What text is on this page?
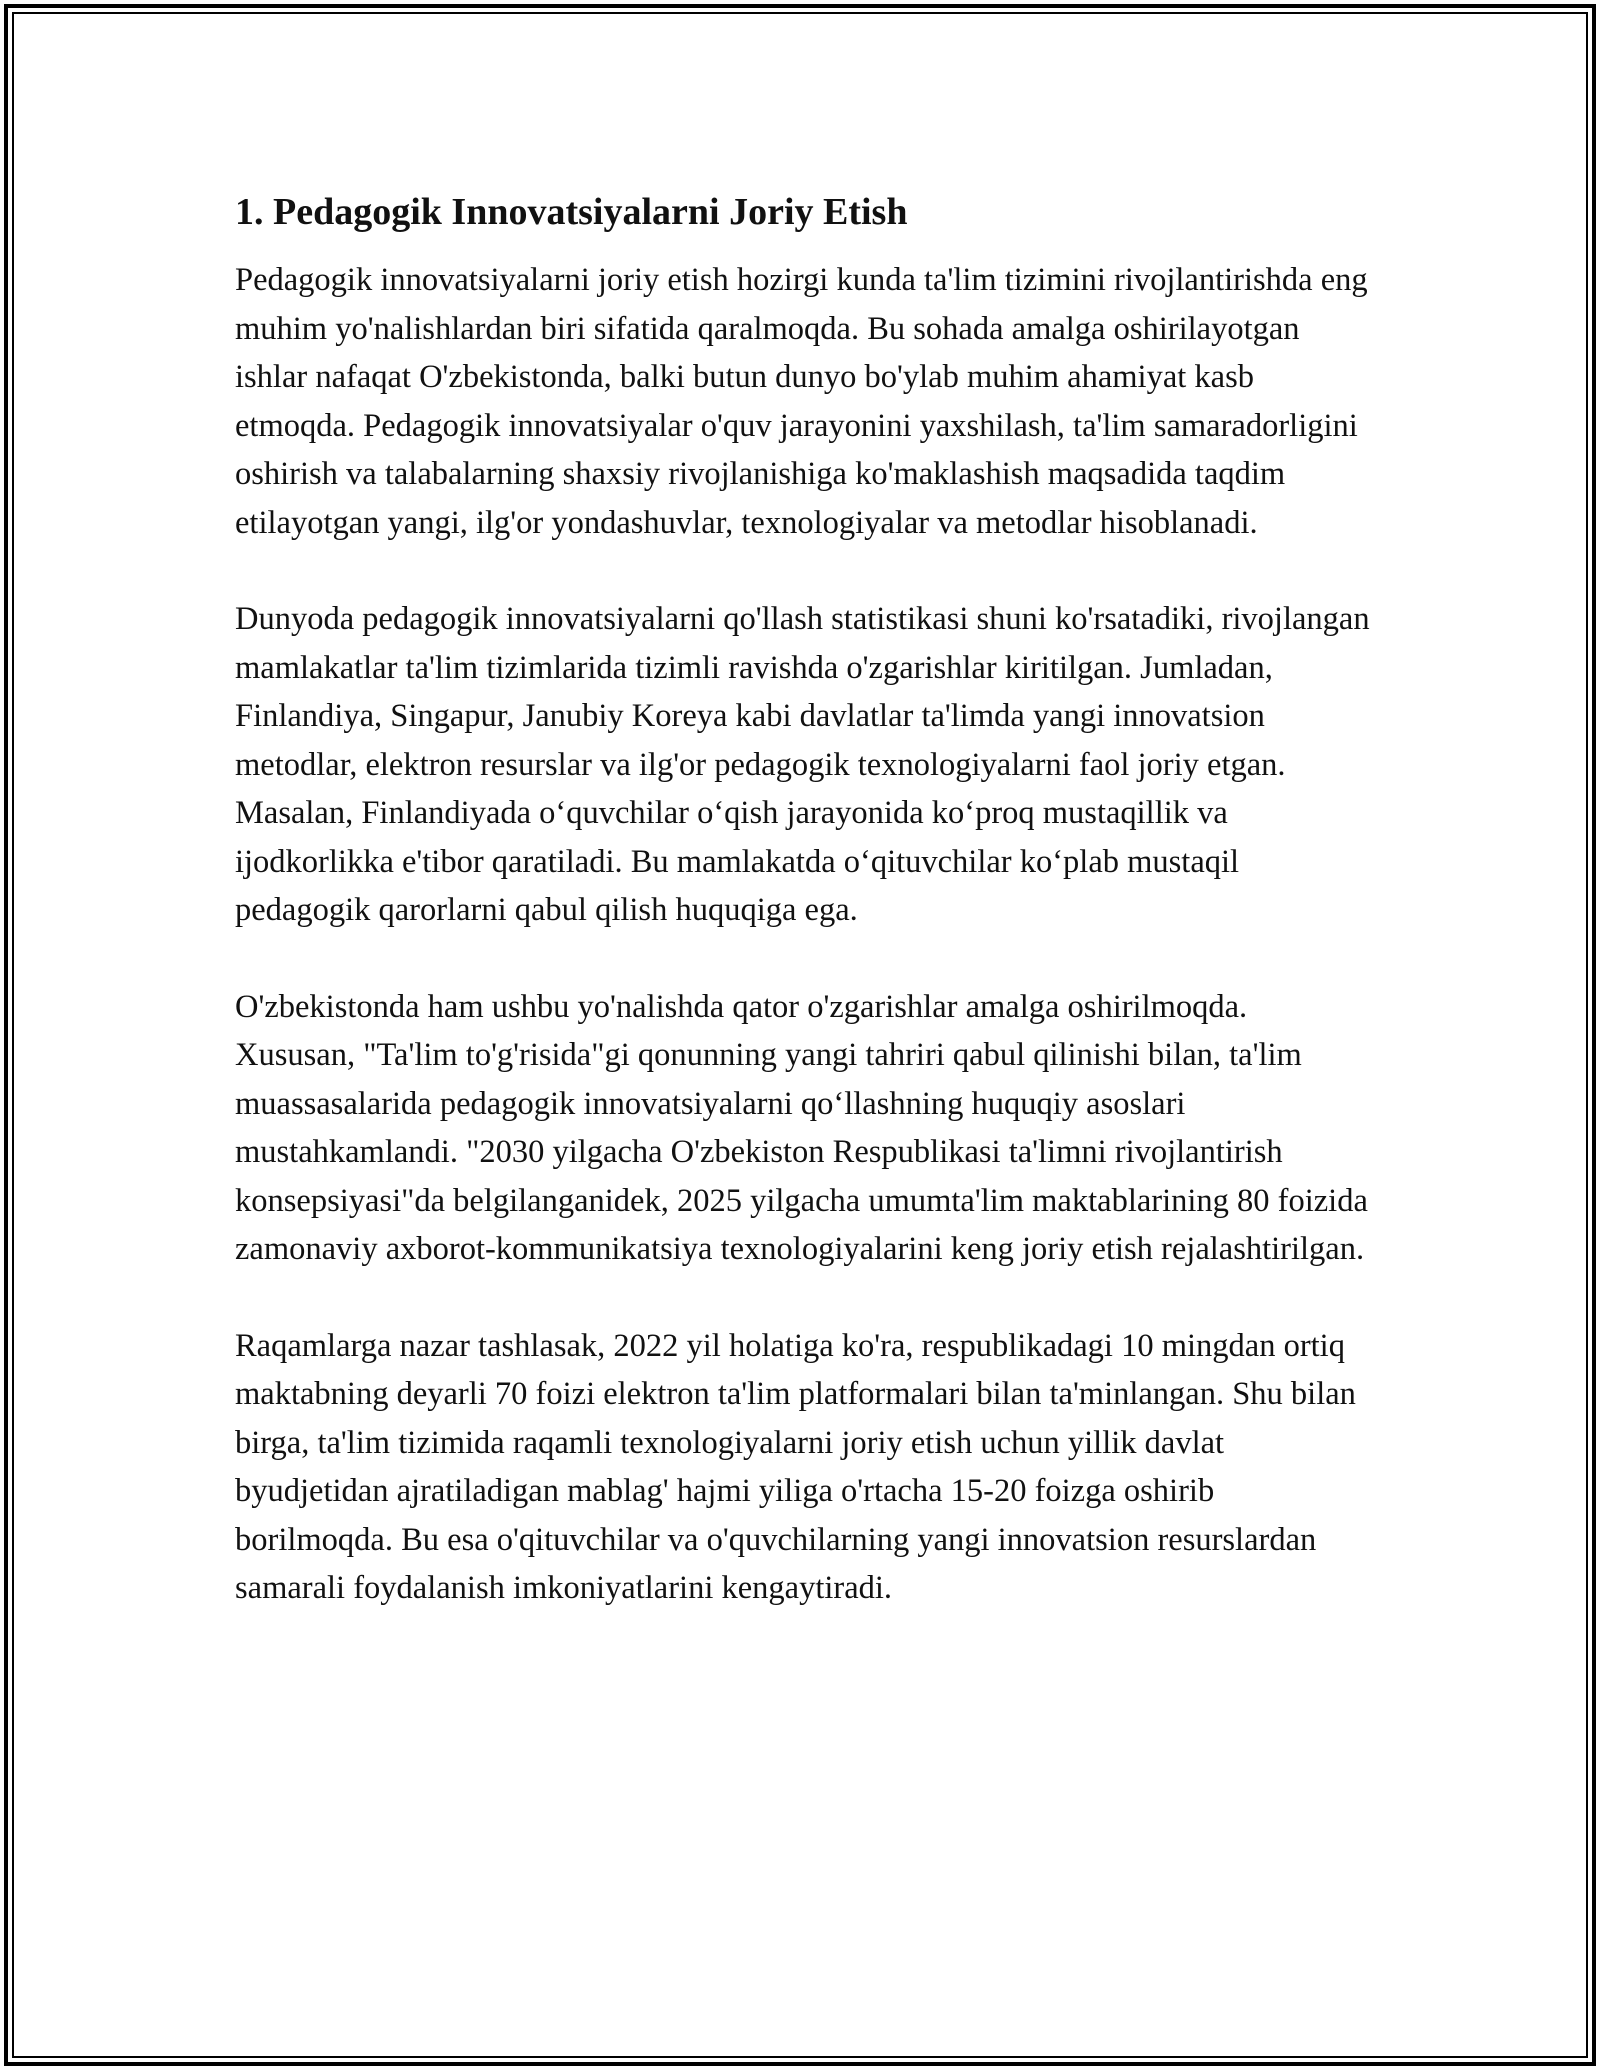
1. Pedagogik Innovatsiyalarni Joriy Etish

Pedagogik innovatsiyalarni joriy etish hozirgi kunda ta'lim tizimini rivojlantirishda eng muhim yo'nalishlardan biri sifatida qaralmoqda. Bu sohada amalga oshirilayotgan ishlar nafaqat O'zbekistonda, balki butun dunyo bo'ylab muhim ahamiyat kasb etmoqda. Pedagogik innovatsiyalar o'quv jarayonini yaxshilash, ta'lim samaradorligini oshirish va talabalarning shaxsiy rivojlanishiga ko'maklashish maqsadida taqdim etilayotgan yangi, ilg'or yondashuvlar, texnologiyalar va metodlar hisoblanadi.

Dunyoda pedagogik innovatsiyalarni qo'llash statistikasi shuni ko'rsatadiki, rivojlangan mamlakatlar ta'lim tizimlarida tizimli ravishda o'zgarishlar kiritilgan. Jumladan, Finlandiya, Singapur, Janubiy Koreya kabi davlatlar ta'limda yangi innovatsion metodlar, elektron resurslar va ilg'or pedagogik texnologiyalarni faol joriy etgan. Masalan, Finlandiyada o‘quvchilar o‘qish jarayonida ko‘proq mustaqillik va ijodkorlikka e'tibor qaratiladi. Bu mamlakatda o‘qituvchilar ko‘plab mustaqil pedagogik qarorlarni qabul qilish huquqiga ega.

O'zbekistonda ham ushbu yo'nalishda qator o'zgarishlar amalga oshirilmoqda. Xususan, "Ta'lim to'g'risida"gi qonunning yangi tahriri qabul qilinishi bilan, ta'lim muassasalarida pedagogik innovatsiyalarni qo‘llashning huquqiy asoslari mustahkamlandi. "2030 yilgacha O'zbekiston Respublikasi ta'limni rivojlantirish konsepsiyasi"da belgilanganidek, 2025 yilgacha umumta'lim maktablarining 80 foizida zamonaviy axborot-kommunikatsiya texnologiyalarini keng joriy etish rejalashtirilgan.

Raqamlarga nazar tashlasak, 2022 yil holatiga ko'ra, respublikadagi 10 mingdan ortiq maktabning deyarli 70 foizi elektron ta'lim platformalari bilan ta'minlangan. Shu bilan birga, ta'lim tizimida raqamli texnologiyalarni joriy etish uchun yillik davlat byudjetidan ajratiladigan mablag' hajmi yiliga o'rtacha 15-20 foizga oshirib borilmoqda. Bu esa o'qituvchilar va o'quvchilarning yangi innovatsion resurslardan samarali foydalanish imkoniyatlarini kengaytiradi.
